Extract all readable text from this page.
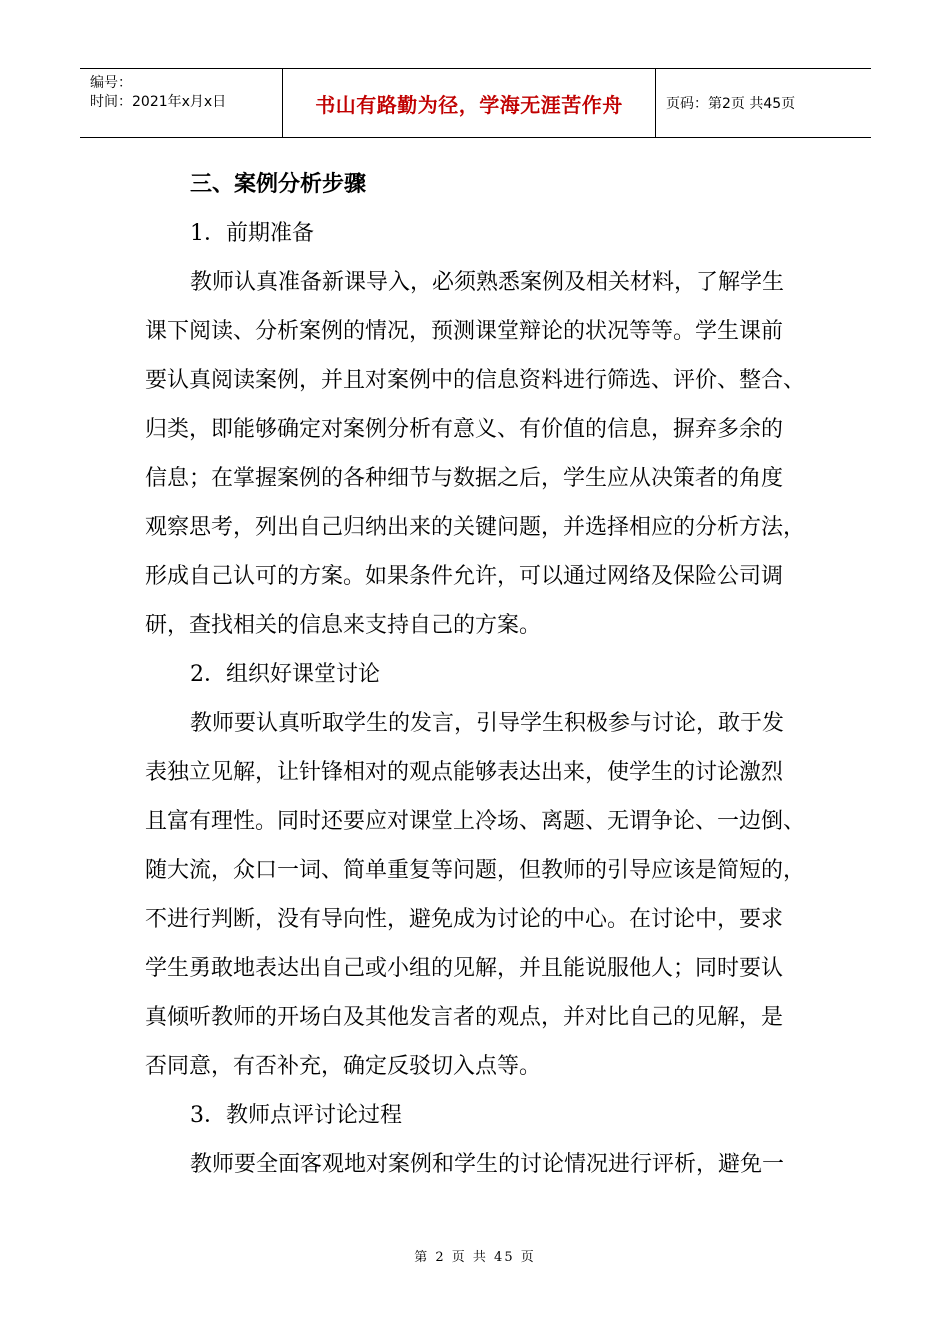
编号：
时间：2021年x月x日	书山有路勤为径，学海无涯苦作舟	页码：第2页 共45页
三、案例分析步骤
1．前期准备
教师认真准备新课导入，必须熟悉案例及相关材料，了解学生
课下阅读、分析案例的情况，预测课堂辩论的状况等等。学生课前
要认真阅读案例，并且对案例中的信息资料进行筛选、评价、整合、
归类，即能够确定对案例分析有意义、有价值的信息，摒弃多余的
信息；在掌握案例的各种细节与数据之后，学生应从决策者的角度
观察思考，列出自己归纳出来的关键问题，并选择相应的分析方法，
形成自己认可的方案。如果条件允许，可以通过网络及保险公司调
研，查找相关的信息来支持自己的方案。
2．组织好课堂讨论
教师要认真听取学生的发言，引导学生积极参与讨论，敢于发
表独立见解，让针锋相对的观点能够表达出来，使学生的讨论激烈
且富有理性。同时还要应对课堂上冷场、离题、无谓争论、一边倒、
随大流，众口一词、简单重复等问题，但教师的引导应该是简短的，
不进行判断，没有导向性，避免成为讨论的中心。在讨论中，要求
学生勇敢地表达出自己或小组的见解，并且能说服他人；同时要认
真倾听教师的开场白及其他发言者的观点，并对比自己的见解，是
否同意，有否补充，确定反驳切入点等。
3．教师点评讨论过程
教师要全面客观地对案例和学生的讨论情况进行评析，避免一
第 2 页 共 45 页
